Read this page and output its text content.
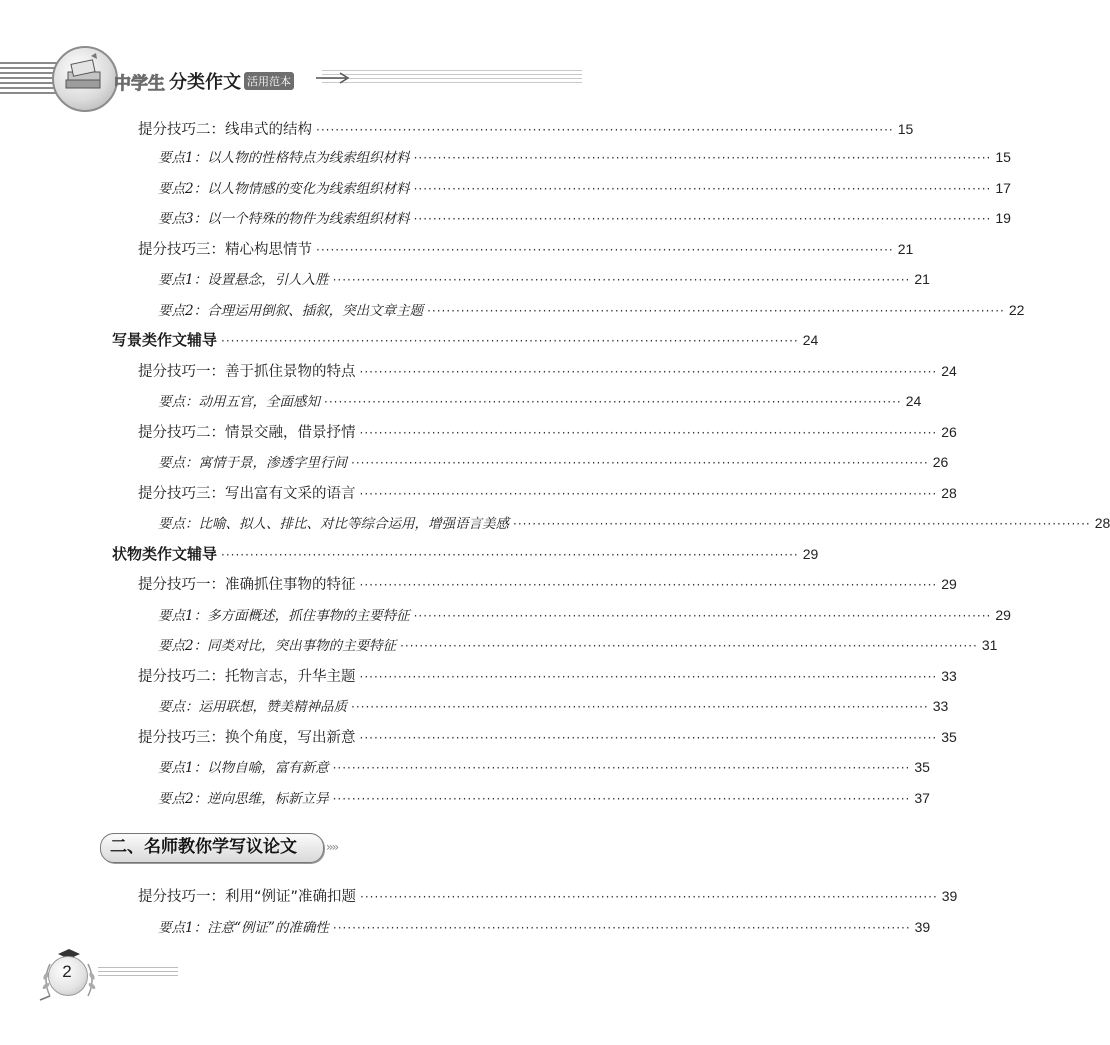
中学生 分类作文 活用范本
提分技巧二：线串式的结构 ························································································································ 15
要点1：以人物的性格特点为线索组织材料 ························································································································ 15
要点2：以人物情感的变化为线索组织材料 ························································································································ 17
要点3：以一个特殊的物件为线索组织材料 ························································································································ 19
提分技巧三：精心构思情节 ························································································································ 21
要点1：设置悬念，引人入胜 ························································································································ 21
要点2：合理运用倒叙、插叙，突出文章主题 ························································································································ 22
写景类作文辅导 ························································································································ 24
提分技巧一：善于抓住景物的特点 ························································································································ 24
要点：动用五官，全面感知 ························································································································ 24
提分技巧二：情景交融，借景抒情 ························································································································ 26
要点：寓情于景，渗透字里行间 ························································································································ 26
提分技巧三：写出富有文采的语言 ························································································································ 28
要点：比喻、拟人、排比、对比等综合运用，增强语言美感 ························································································································ 28
状物类作文辅导 ························································································································ 29
提分技巧一：准确抓住事物的特征 ························································································································ 29
要点1：多方面概述，抓住事物的主要特征 ························································································································ 29
要点2：同类对比，突出事物的主要特征 ························································································································ 31
提分技巧二：托物言志，升华主题 ························································································································ 33
要点：运用联想，赞美精神品质 ························································································································ 33
提分技巧三：换个角度，写出新意 ························································································································ 35
要点1：以物自喻，富有新意 ························································································································ 35
要点2：逆向思维，标新立异 ························································································································ 37
二、名师教你学写议论文 ››››
提分技巧一：利用“例证”准确扣题 ························································································································ 39
要点1：注意“例证”的准确性 ························································································································ 39
2
